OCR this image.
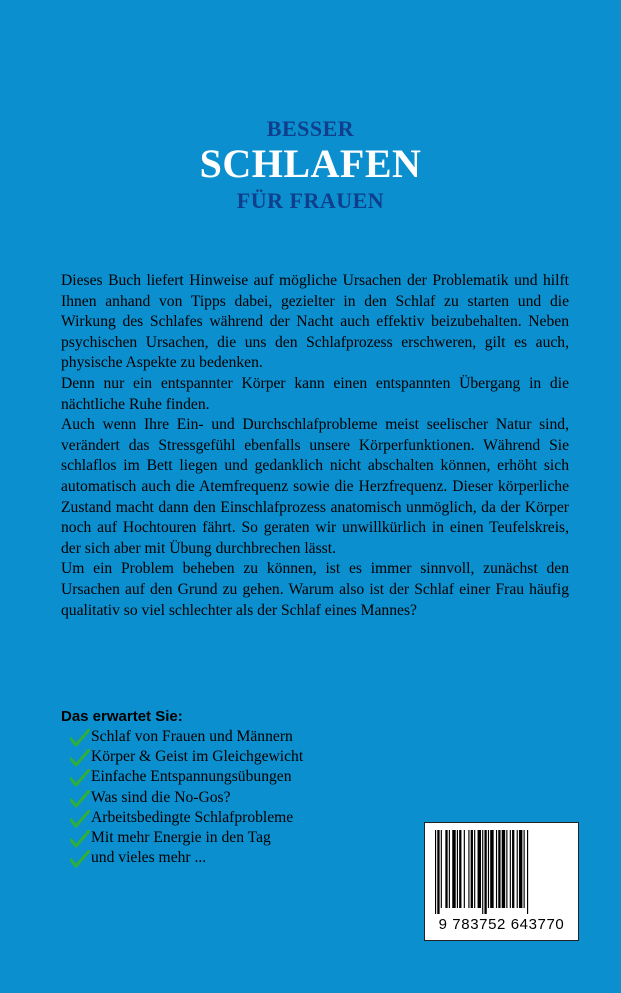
BESSER
SCHLAFEN
FÜR FRAUEN

Dieses Buch liefert Hinweise auf mögliche Ursachen der Problematik und hilft Ihnen anhand von Tipps dabei, gezielter in den Schlaf zu starten und die Wirkung des Schlafes während der Nacht auch effektiv beizubehalten. Neben psychischen Ursachen, die uns den Schlafprozess erschweren, gilt es auch, physische Aspekte zu bedenken.

Denn nur ein entspannter Körper kann einen entspannten Übergang in die nächtliche Ruhe finden.

Auch wenn Ihre Ein- und Durchschlafprobleme meist seelischer Natur sind, verändert das Stressgefühl ebenfalls unsere Körperfunktionen. Während Sie schlaflos im Bett liegen und gedanklich nicht abschalten können, erhöht sich automatisch auch die Atemfrequenz sowie die Herzfrequenz. Dieser körperliche Zustand macht dann den Einschlafprozess anatomisch unmöglich, da der Körper noch auf Hochtouren fährt. So geraten wir unwillkürlich in einen Teufelskreis, der sich aber mit Übung durchbrechen lässt.

Um ein Problem beheben zu können, ist es immer sinnvoll, zunächst den Ursachen auf den Grund zu gehen. Warum also ist der Schlaf einer Frau häufig qualitativ so viel schlechter als der Schlaf eines Mannes?

Das erwartet Sie:
Schlaf von Frauen und Männern
Körper & Geist im Gleichgewicht
Einfache Entspannungsübungen
Was sind die No-Gos?
Arbeitsbedingte Schlafprobleme
Mit mehr Energie in den Tag
und vieles mehr ...
9 783752 643770
